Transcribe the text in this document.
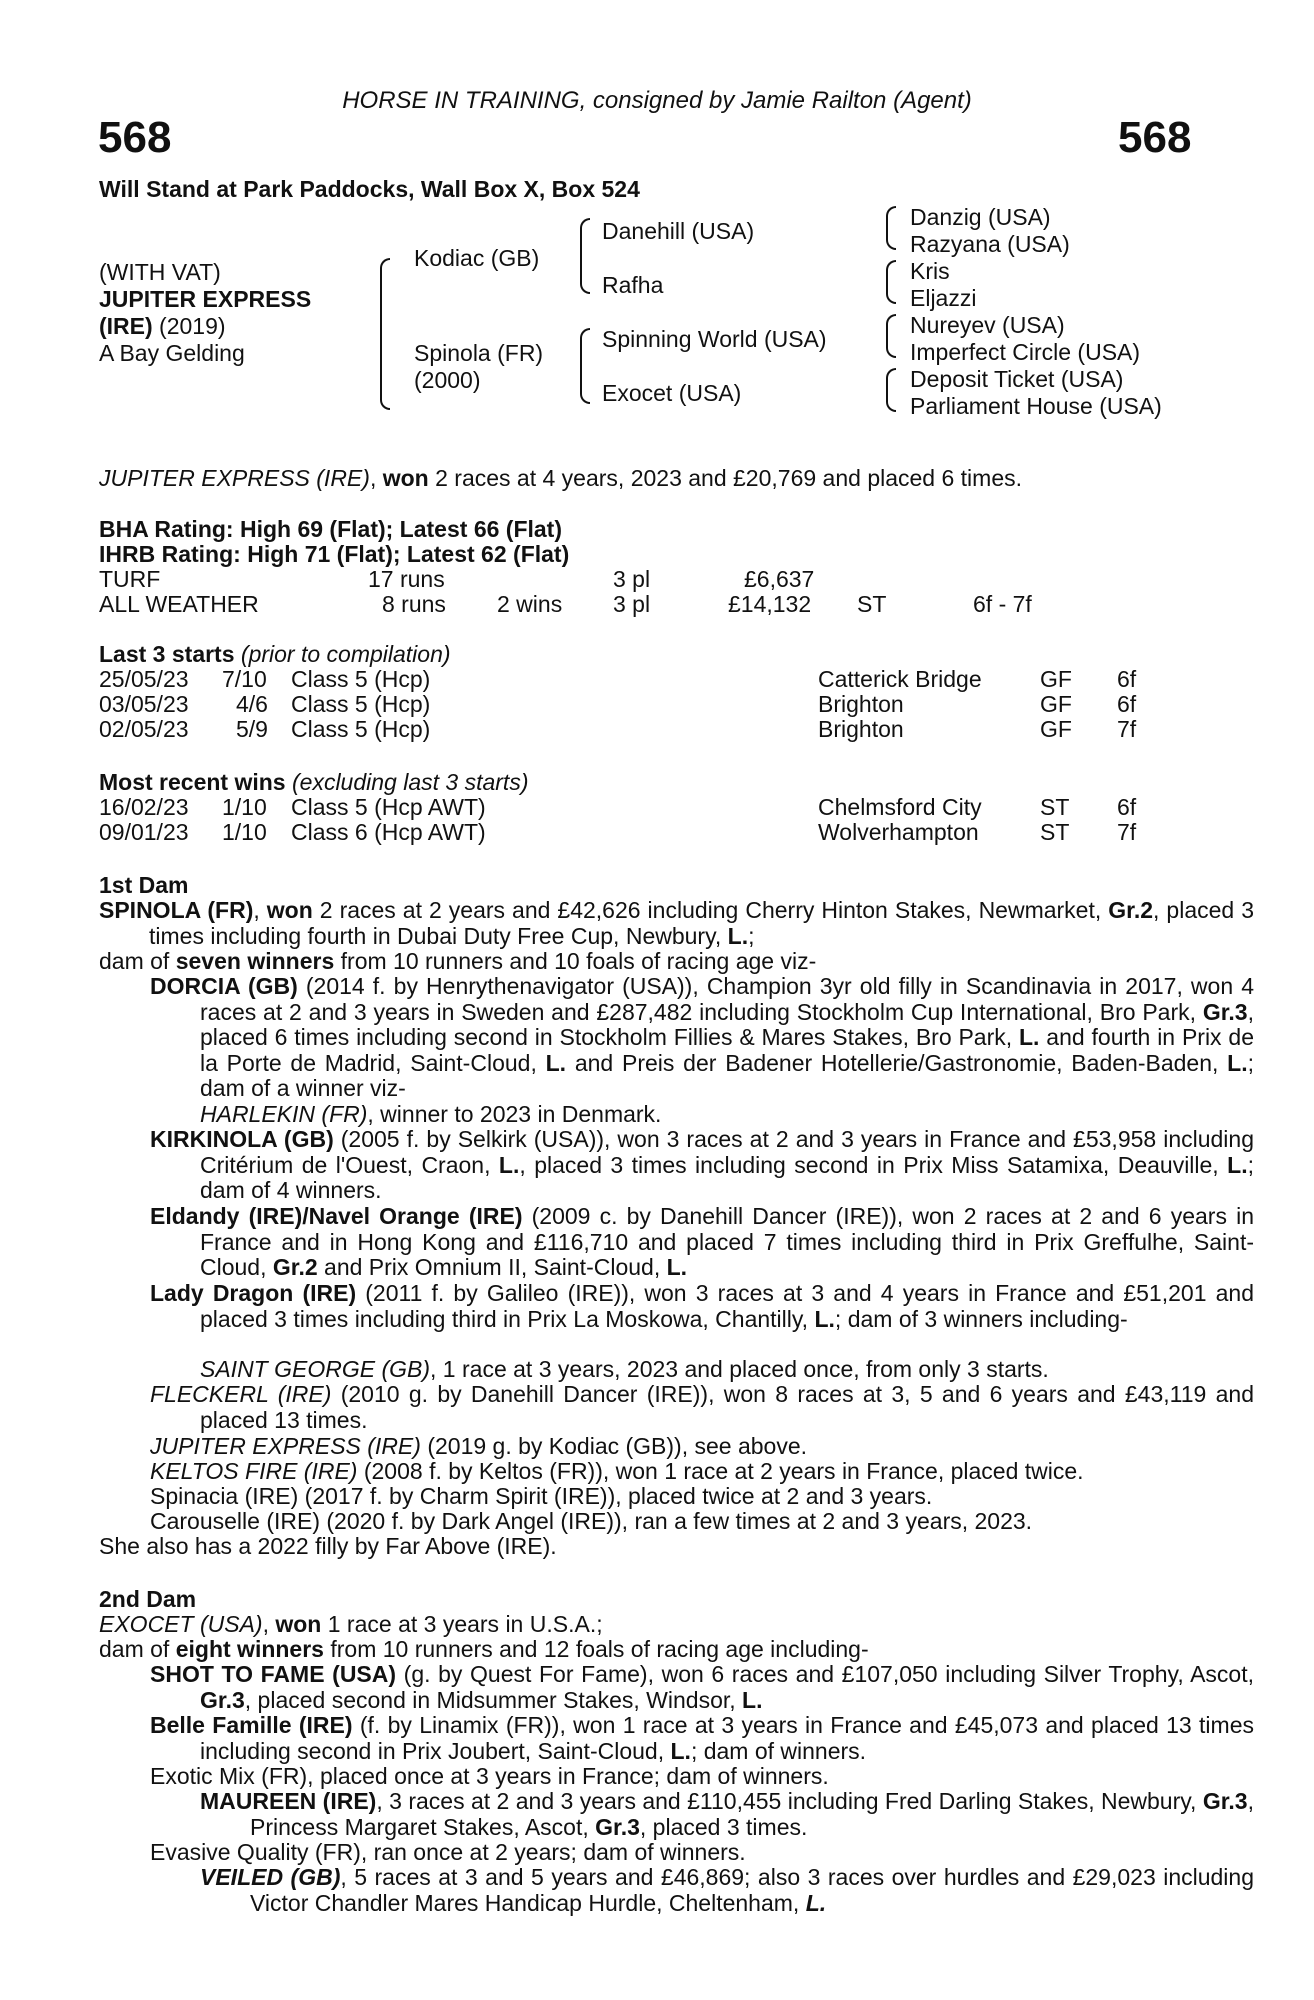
HORSE IN TRAINING, consigned by Jamie Railton (Agent)
568	568
Will Stand at Park Paddocks, Wall Box X, Box 524
(WITH VAT)
JUPITER EXPRESS
(IRE) (2019)
A Bay Gelding
Kodiac (GB)
Spinola (FR)
(2000)
Danehill (USA)
Rafha
Spinning World (USA)
Exocet (USA)
Danzig (USA)
Razyana (USA)
Kris
Eljazzi
Nureyev (USA)
Imperfect Circle (USA)
Deposit Ticket (USA)
Parliament House (USA)
JUPITER EXPRESS (IRE), won 2 races at 4 years, 2023 and £20,769 and placed 6 times.
BHA Rating: High 69 (Flat); Latest 66 (Flat)
IHRB Rating: High 71 (Flat); Latest 62 (Flat)
TURF	17 runs	3 pl	£6,637
ALL WEATHER	8 runs 2 wins 3 pl	£14,132 ST	6f - 7f
Last 3 starts (prior to compilation)
25/05/23 7/10 Class 5 (Hcp)	Catterick Bridge	GF 6f
03/05/23 4/6 Class 5 (Hcp)	Brighton	GF 6f
02/05/23 5/9 Class 5 (Hcp)	Brighton	GF 7f
Most recent wins (excluding last 3 starts)
16/02/23 1/10 Class 5 (Hcp AWT)	Chelmsford City	ST 6f
09/01/23 1/10 Class 6 (Hcp AWT)	Wolverhampton	ST 7f
1st Dam
SPINOLA (FR), won 2 races at 2 years and £42,626 including Cherry Hinton Stakes, Newmarket, Gr.2, placed 3 times including fourth in Dubai Duty Free Cup, Newbury, L.;
dam of seven winners from 10 runners and 10 foals of racing age viz-
DORCIA (GB) (2014 f. by Henrythenavigator (USA)), Champion 3yr old filly in Scandinavia in 2017, won 4 races at 2 and 3 years in Sweden and £287,482 including Stockholm Cup International, Bro Park, Gr.3, placed 6 times including second in Stockholm Fillies & Mares Stakes, Bro Park, L. and fourth in Prix de la Porte de Madrid, Saint-Cloud, L. and Preis der Badener Hotellerie/Gastronomie, Baden-Baden, L.; dam of a winner viz-
HARLEKIN (FR), winner to 2023 in Denmark.
KIRKINOLA (GB) (2005 f. by Selkirk (USA)), won 3 races at 2 and 3 years in France and £53,958 including Critérium de l'Ouest, Craon, L., placed 3 times including second in Prix Miss Satamixa, Deauville, L.; dam of 4 winners.
Eldandy (IRE)/Navel Orange (IRE) (2009 c. by Danehill Dancer (IRE)), won 2 races at 2 and 6 years in France and in Hong Kong and £116,710 and placed 7 times including third in Prix Greffulhe, Saint-Cloud, Gr.2 and Prix Omnium II, Saint-Cloud, L.
Lady Dragon (IRE) (2011 f. by Galileo (IRE)), won 3 races at 3 and 4 years in France and £51,201 and placed 3 times including third in Prix La Moskowa, Chantilly, L.; dam of 3 winners including-
SAINT GEORGE (GB), 1 race at 3 years, 2023 and placed once, from only 3 starts.
FLECKERL (IRE) (2010 g. by Danehill Dancer (IRE)), won 8 races at 3, 5 and 6 years and £43,119 and placed 13 times.
JUPITER EXPRESS (IRE) (2019 g. by Kodiac (GB)), see above.
KELTOS FIRE (IRE) (2008 f. by Keltos (FR)), won 1 race at 2 years in France, placed twice.
Spinacia (IRE) (2017 f. by Charm Spirit (IRE)), placed twice at 2 and 3 years.
Carouselle (IRE) (2020 f. by Dark Angel (IRE)), ran a few times at 2 and 3 years, 2023.
She also has a 2022 filly by Far Above (IRE).
2nd Dam
EXOCET (USA), won 1 race at 3 years in U.S.A.;
dam of eight winners from 10 runners and 12 foals of racing age including-
SHOT TO FAME (USA) (g. by Quest For Fame), won 6 races and £107,050 including Silver Trophy, Ascot, Gr.3, placed second in Midsummer Stakes, Windsor, L.
Belle Famille (IRE) (f. by Linamix (FR)), won 1 race at 3 years in France and £45,073 and placed 13 times including second in Prix Joubert, Saint-Cloud, L.; dam of winners.
Exotic Mix (FR), placed once at 3 years in France; dam of winners.
MAUREEN (IRE), 3 races at 2 and 3 years and £110,455 including Fred Darling Stakes, Newbury, Gr.3, Princess Margaret Stakes, Ascot, Gr.3, placed 3 times.
Evasive Quality (FR), ran once at 2 years; dam of winners.
VEILED (GB), 5 races at 3 and 5 years and £46,869; also 3 races over hurdles and £29,023 including Victor Chandler Mares Handicap Hurdle, Cheltenham, L.
